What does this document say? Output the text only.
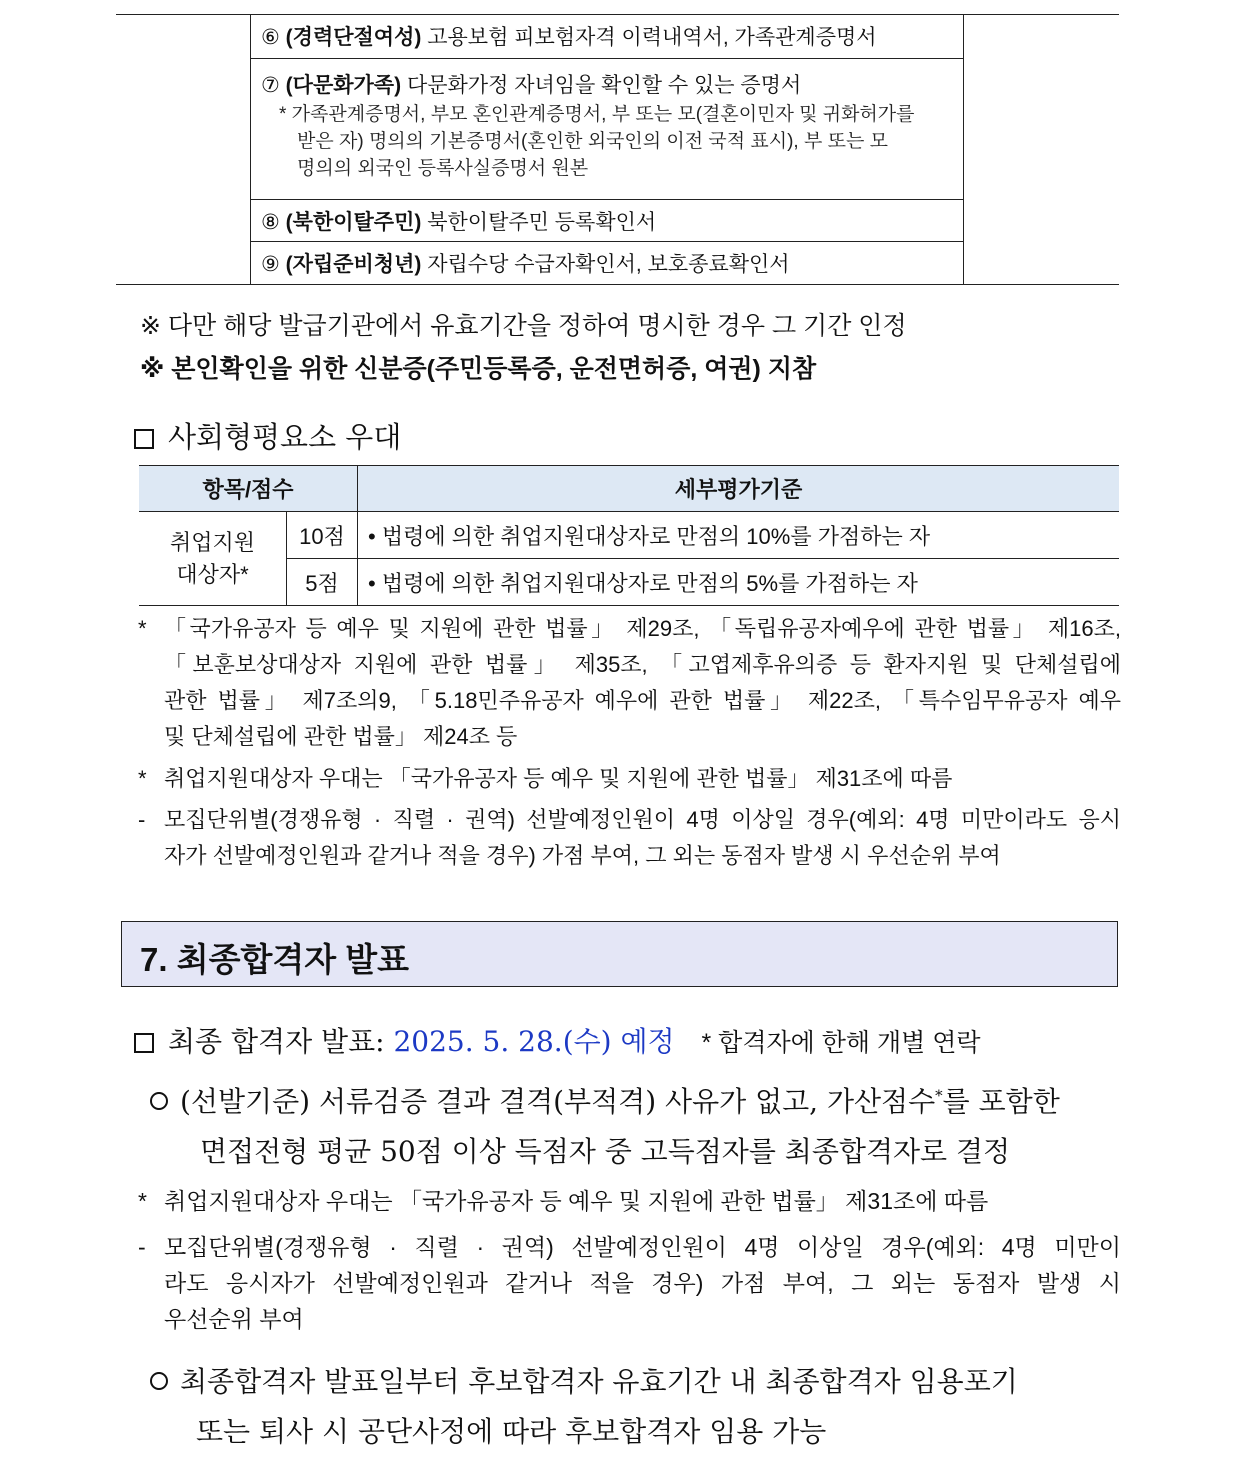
⑥ (경력단절여성) 고용보험 피보험자격 이력내역서, 가족관계증명서
⑦ (다문화가족) 다문화가정 자녀임을 확인할 수 있는 증명서
* 가족관계증명서, 부모 혼인관계증명서, 부 또는 모(결혼이민자 및 귀화허가를
받은 자) 명의의 기본증명서(혼인한 외국인의 이전 국적 표시), 부 또는 모
명의의 외국인 등록사실증명서 원본
⑧ (북한이탈주민) 북한이탈주민 등록확인서
⑨ (자립준비청년) 자립수당 수급자확인서, 보호종료확인서
※ 다만 해당 발급기관에서 유효기간을 정하여 명시한 경우 그 기간 인정
※ 본인확인을 위한 신분증(주민등록증, 운전면허증, 여권) 지참
사회형평요소 우대
항목/점수		세부평가기준

취업지원
대상자*	10점	• 법령에 의한 취업지원대상자로 만점의 10%를 가점하는 자
	5점	• 법령에 의한 취업지원대상자로 만점의 5%를 가점하는 자
* 「국가유공자 등 예우 및 지원에 관한 법률」 제29조, 「독립유공자예우에 관한 법률」 제16조,
「보훈보상대상자 지원에 관한 법률」 제35조, 「고엽제후유의증 등 환자지원 및 단체설립에
관한 법률」 제7조의9, 「5.18민주유공자 예우에 관한 법률」 제22조, 「특수임무유공자 예우
및 단체설립에 관한 법률」 제24조 등
* 취업지원대상자 우대는 「국가유공자 등 예우 및 지원에 관한 법률」 제31조에 따름
- 모집단위별(경쟁유형 · 직렬 · 권역) 선발예정인원이 4명 이상일 경우(예외: 4명 미만이라도 응시
자가 선발예정인원과 같거나 적을 경우) 가점 부여, 그 외는 동점자 발생 시 우선순위 부여
7. 최종합격자 발표
최종 합격자 발표: 2025. 5. 28.(수) 예정 * 합격자에 한해 개별 연락
(선발기준) 서류검증 결과 결격(부적격) 사유가 없고, 가산점수*를 포함한
면접전형 평균 50점 이상 득점자 중 고득점자를 최종합격자로 결정
* 취업지원대상자 우대는 「국가유공자 등 예우 및 지원에 관한 법률」 제31조에 따름
- 모집단위별(경쟁유형 · 직렬 · 권역) 선발예정인원이 4명 이상일 경우(예외: 4명 미만이
라도 응시자가 선발예정인원과 같거나 적을 경우) 가점 부여, 그 외는 동점자 발생 시
우선순위 부여
최종합격자 발표일부터 후보합격자 유효기간 내 최종합격자 임용포기
또는 퇴사 시 공단사정에 따라 후보합격자 임용 가능
